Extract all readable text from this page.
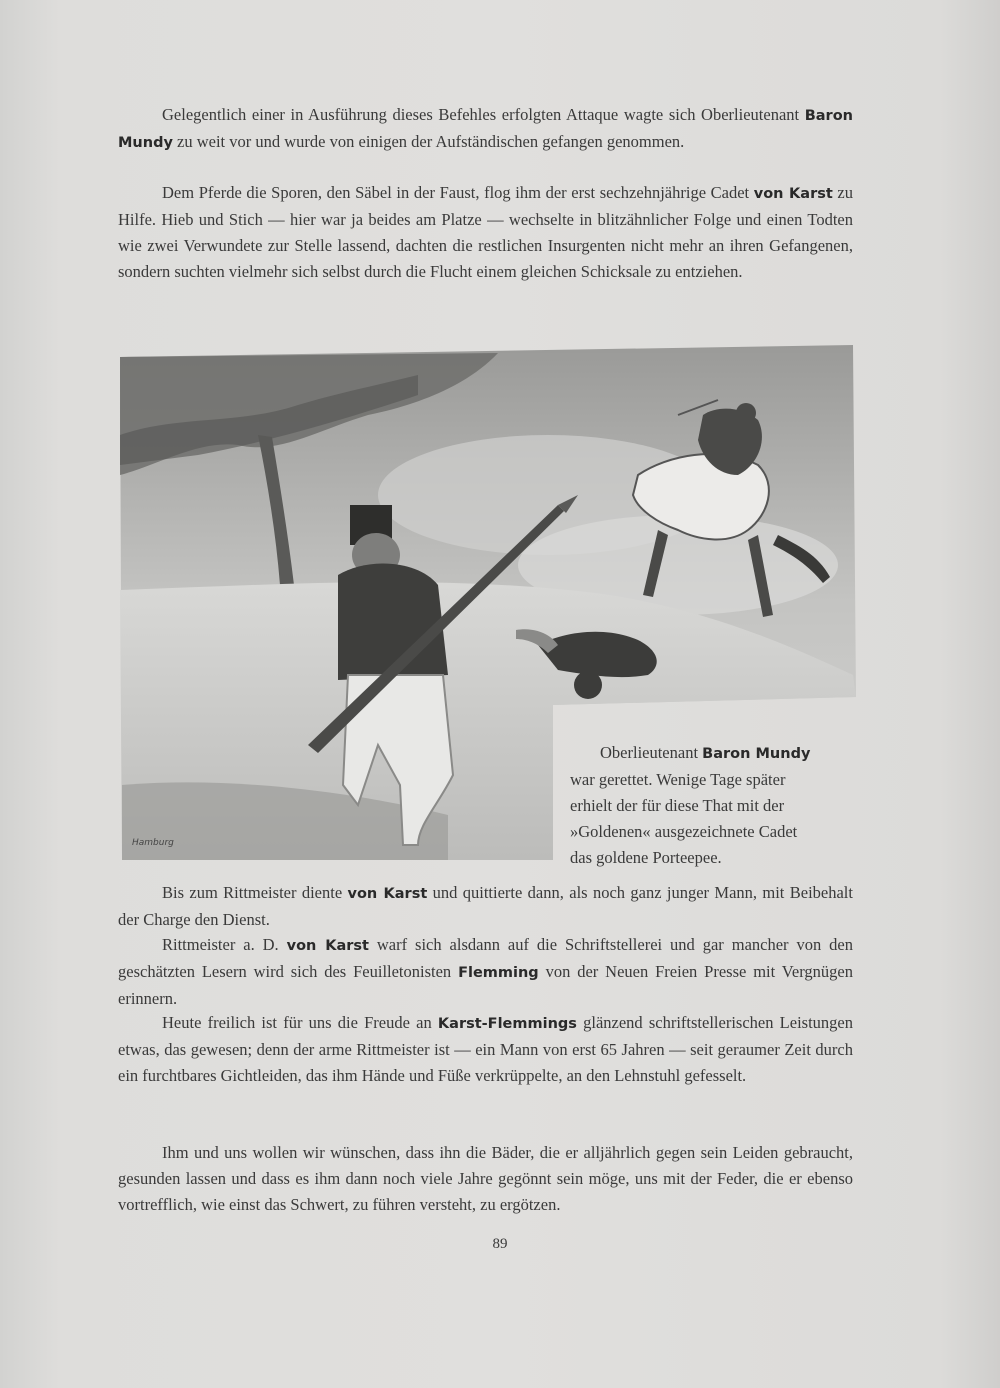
Gelegentlich einer in Ausführung dieses Befehles erfolgten Attaque wagte sich Oberlieutenant Baron Mundy zu weit vor und wurde von einigen der Aufständischen gefangen genommen.

Dem Pferde die Sporen, den Säbel in der Faust, flog ihm der erst sechzehnjährige Cadet von Karst zu Hilfe. Hieb und Stich — hier war ja beides am Platze — wechselte in blitzähnlicher Folge und einen Todten wie zwei Verwundete zur Stelle lassend, dachten die restlichen Insurgenten nicht mehr an ihren Gefangenen, sondern suchten vielmehr sich selbst durch die Flucht einem gleichen Schicksale zu entziehen.

Hamburg

Oberlieutenant Baron Mundy
war gerettet. Wenige Tage später
erhielt der für diese That mit der
»Goldenen« ausgezeichnete Cadet
das goldene Porteepee.

Bis zum Rittmeister diente von Karst und quittierte dann, als noch ganz junger Mann, mit Beibehalt der Charge den Dienst.

Rittmeister a. D. von Karst warf sich alsdann auf die Schriftstellerei und gar mancher von den geschätzten Lesern wird sich des Feuilletonisten Flemming von der Neuen Freien Presse mit Vergnügen erinnern.

Heute freilich ist für uns die Freude an Karst-Flemmings glänzend schriftstellerischen Leistungen etwas, das gewesen; denn der arme Rittmeister ist — ein Mann von erst 65 Jahren — seit geraumer Zeit durch ein furchtbares Gichtleiden, das ihm Hände und Füße verkrüppelte, an den Lehnstuhl gefesselt.

Ihm und uns wollen wir wünschen, dass ihn die Bäder, die er alljährlich gegen sein Leiden gebraucht, gesunden lassen und dass es ihm dann noch viele Jahre gegönnt sein möge, uns mit der Feder, die er ebenso vortrefflich, wie einst das Schwert, zu führen versteht, zu ergötzen.

89
